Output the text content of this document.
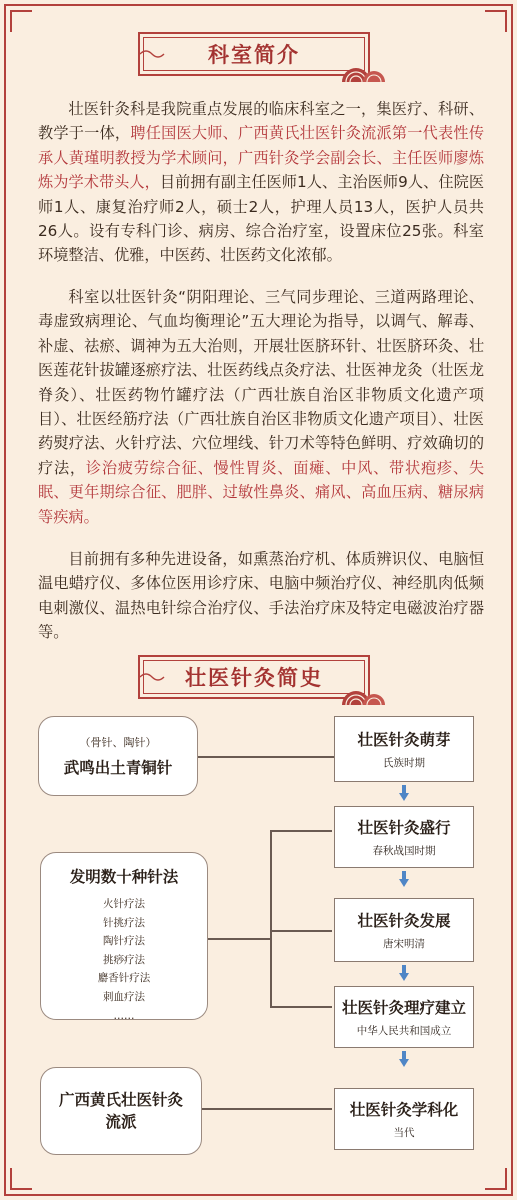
科室简介

壮医针灸科是我院重点发展的临床科室之一，集医疗、科研、教学于一体，聘任国医大师、广西黄氏壮医针灸流派第一代表性传承人黄瑾明教授为学术顾问，广西针灸学会副会长、主任医师廖炼炼为学术带头人，目前拥有副主任医师1人、主治医师9人、住院医师1人、康复治疗师2人，硕士2人，护理人员13人，医护人员共26人。设有专科门诊、病房、综合治疗室，设置床位25张。科室环境整洁、优雅，中医药、壮医药文化浓郁。

科室以壮医针灸“阴阳理论、三气同步理论、三道两路理论、毒虚致病理论、气血均衡理论”五大理论为指导，以调气、解毒、补虚、祛瘀、调神为五大治则，开展壮医脐环针、壮医脐环灸、壮医莲花针拔罐逐瘀疗法、壮医药线点灸疗法、壮医神龙灸（壮医龙脊灸）、壮医药物竹罐疗法（广西壮族自治区非物质文化遗产项目）、壮医经筋疗法（广西壮族自治区非物质文化遗产项目）、壮医药熨疗法、火针疗法、穴位埋线、针刀术等特色鲜明、疗效确切的疗法，诊治疲劳综合征、慢性胃炎、面瘫、中风、带状疱疹、失眠、更年期综合征、肥胖、过敏性鼻炎、痛风、高血压病、糖尿病等疾病。

目前拥有多种先进设备，如熏蒸治疗机、体质辨识仪、电脑恒温电蜡疗仪、多体位医用诊疗床、电脑中频治疗仪、神经肌肉低频电刺激仪、温热电针综合治疗仪、手法治疗床及特定电磁波治疗器等。

壮医针灸简史
（骨针、陶针）
武鸣出土青铜针
发明数十种针法
火针疗法
针挑疗法
陶针疗法
挑痧疗法
麝香针疗法
刺血疗法
……
广西黄氏壮医针灸流派
壮医针灸萌芽
氏族时期
壮医针灸盛行
春秋战国时期
壮医针灸发展
唐宋明清
壮医针灸理疗建立
中华人民共和国成立
壮医针灸学科化
当代
